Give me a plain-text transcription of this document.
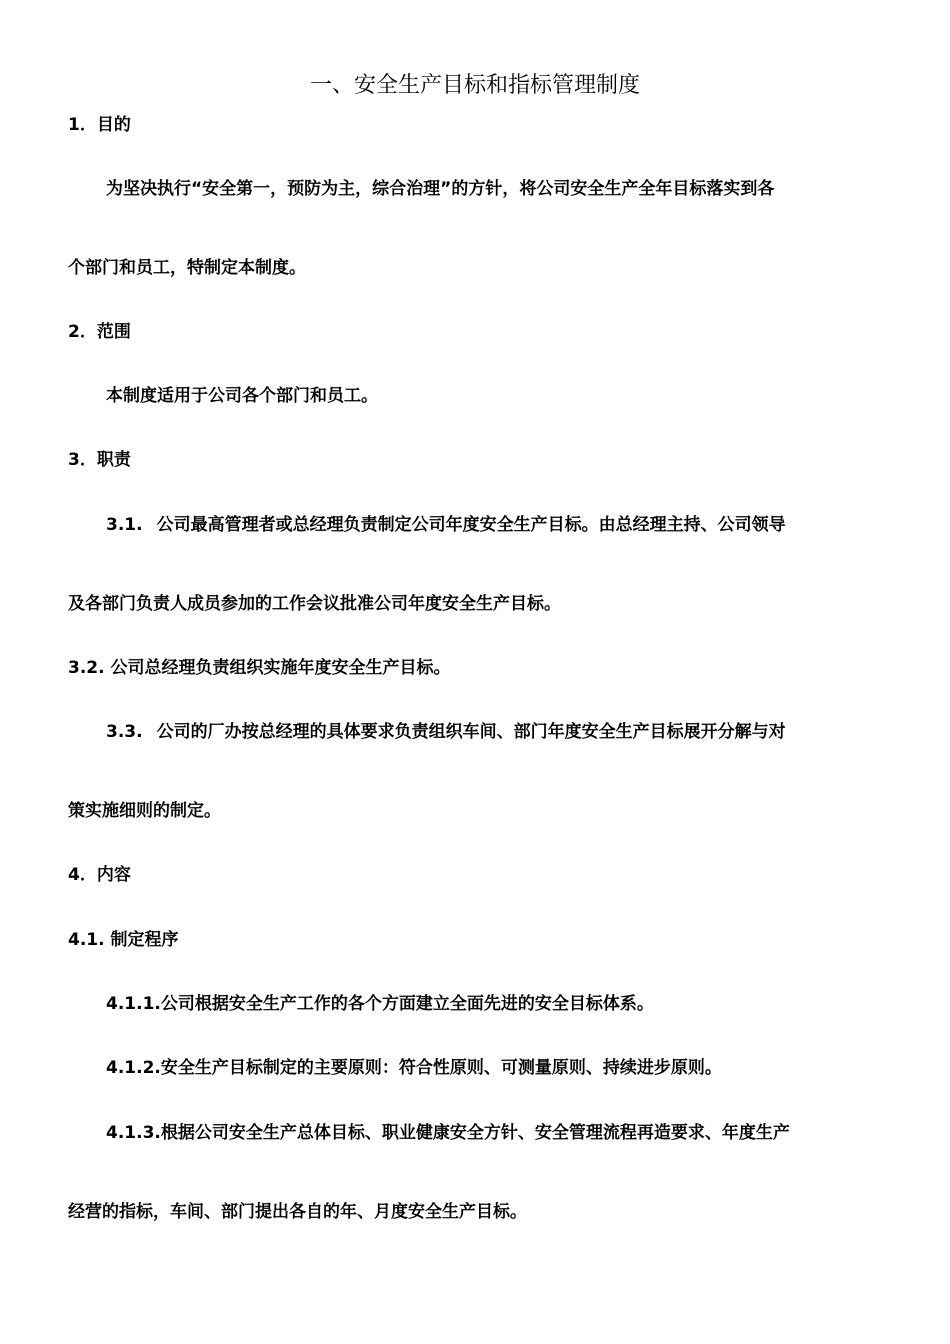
一、安全生产目标和指标管理制度
1．目的
为坚决执行“安全第一，预防为主，综合治理”的方针，将公司安全生产全年目标落实到各
个部门和员工，特制定本制度。
2．范围
本制度适用于公司各个部门和员工。
3．职责
3.1. 公司最高管理者或总经理负责制定公司年度安全生产目标。由总经理主持、公司领导
及各部门负责人成员参加的工作会议批准公司年度安全生产目标。
3.2. 公司总经理负责组织实施年度安全生产目标。
3.3. 公司的厂办按总经理的具体要求负责组织车间、部门年度安全生产目标展开分解与对
策实施细则的制定。
4．内容
4.1. 制定程序
4.1.1.公司根据安全生产工作的各个方面建立全面先进的安全目标体系。
4.1.2.安全生产目标制定的主要原则：符合性原则、可测量原则、持续进步原则。
4.1.3.根据公司安全生产总体目标、职业健康安全方针、安全管理流程再造要求、年度生产
经营的指标，车间、部门提出各自的年、月度安全生产目标。
